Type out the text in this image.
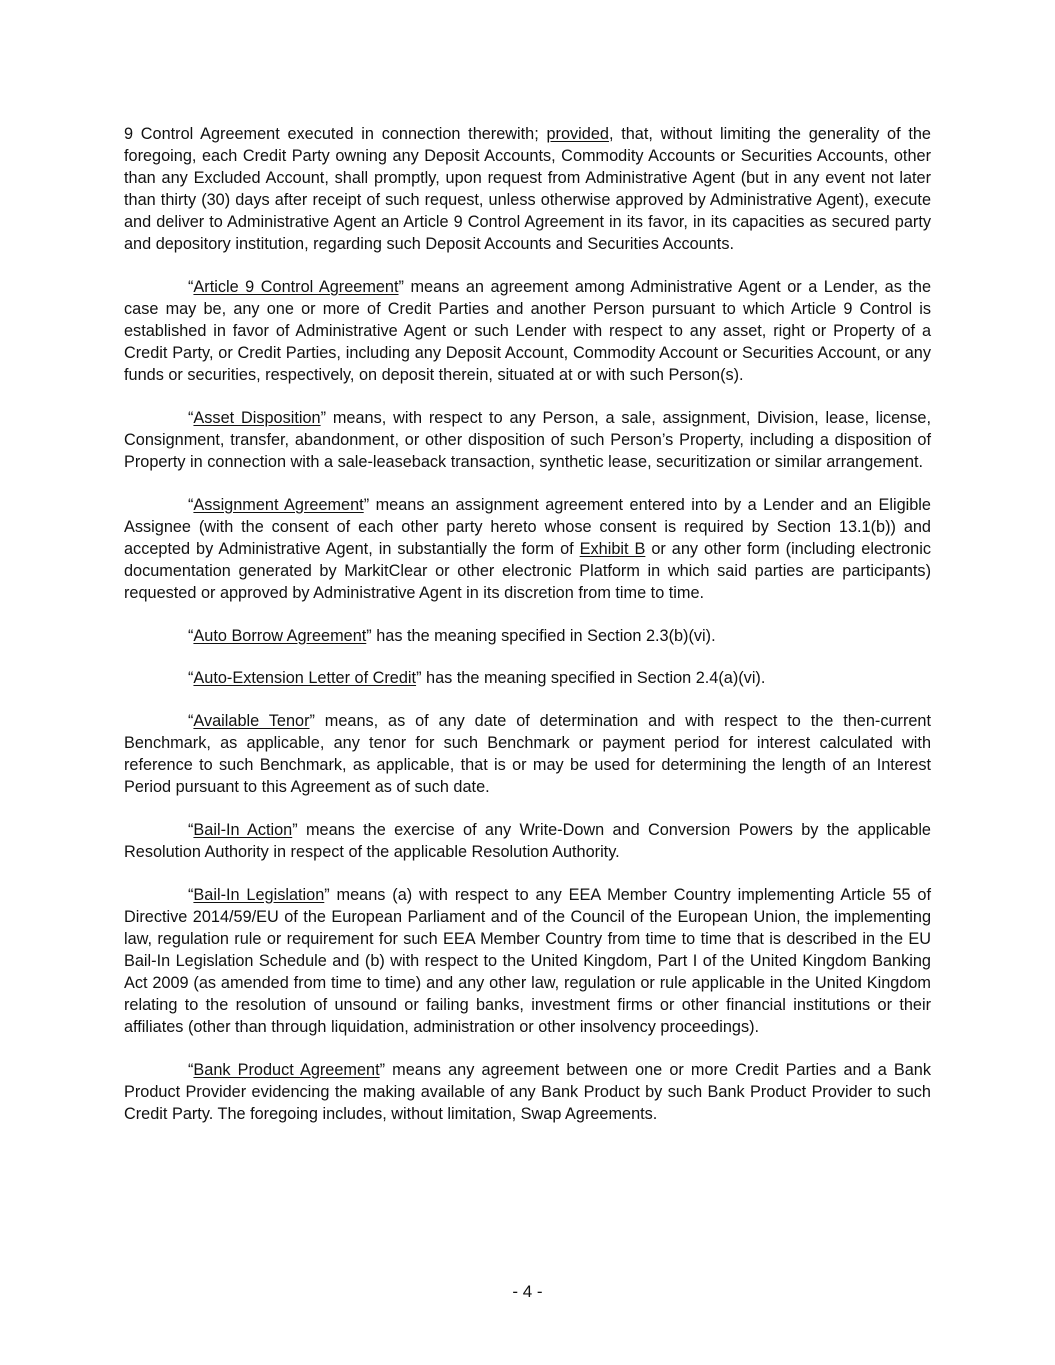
9 Control Agreement executed in connection therewith; provided, that, without limiting the generality of the foregoing, each Credit Party owning any Deposit Accounts, Commodity Accounts or Securities Accounts, other than any Excluded Account, shall promptly, upon request from Administrative Agent (but in any event not later than thirty (30) days after receipt of such request, unless otherwise approved by Administrative Agent), execute and deliver to Administrative Agent an Article 9 Control Agreement in its favor, in its capacities as secured party and depository institution, regarding such Deposit Accounts and Securities Accounts.

“Article 9 Control Agreement” means an agreement among Administrative Agent or a Lender, as the case may be, any one or more of Credit Parties and another Person pursuant to which Article 9 Control is established in favor of Administrative Agent or such Lender with respect to any asset, right or Property of a Credit Party, or Credit Parties, including any Deposit Account, Commodity Account or Securities Account, or any funds or securities, respectively, on deposit therein, situated at or with such Person(s).

“Asset Disposition” means, with respect to any Person, a sale, assignment, Division, lease, license, Consignment, transfer, abandonment, or other disposition of such Person’s Property, including a disposition of Property in connection with a sale-leaseback transaction, synthetic lease, securitization or similar arrangement.

“Assignment Agreement” means an assignment agreement entered into by a Lender and an Eligible Assignee (with the consent of each other party hereto whose consent is required by Section 13.1(b)) and accepted by Administrative Agent, in substantially the form of Exhibit B or any other form (including electronic documentation generated by MarkitClear or other electronic Platform in which said parties are participants) requested or approved by Administrative Agent in its discretion from time to time.

“Auto Borrow Agreement” has the meaning specified in Section 2.3(b)(vi).

“Auto-Extension Letter of Credit” has the meaning specified in Section 2.4(a)(vi).

“Available Tenor” means, as of any date of determination and with respect to the then-current Benchmark, as applicable, any tenor for such Benchmark or payment period for interest calculated with reference to such Benchmark, as applicable, that is or may be used for determining the length of an Interest Period pursuant to this Agreement as of such date.

“Bail-In Action” means the exercise of any Write-Down and Conversion Powers by the applicable Resolution Authority in respect of the applicable Resolution Authority.

“Bail-In Legislation” means (a) with respect to any EEA Member Country implementing Article 55 of Directive 2014/59/EU of the European Parliament and of the Council of the European Union, the implementing law, regulation rule or requirement for such EEA Member Country from time to time that is described in the EU Bail-In Legislation Schedule and (b) with respect to the United Kingdom, Part I of the United Kingdom Banking Act 2009 (as amended from time to time) and any other law, regulation or rule applicable in the United Kingdom relating to the resolution of unsound or failing banks, investment firms or other financial institutions or their affiliates (other than through liquidation, administration or other insolvency proceedings).

“Bank Product Agreement” means any agreement between one or more Credit Parties and a Bank Product Provider evidencing the making available of any Bank Product by such Bank Product Provider to such Credit Party. The foregoing includes, without limitation, Swap Agreements.

- 4 -
